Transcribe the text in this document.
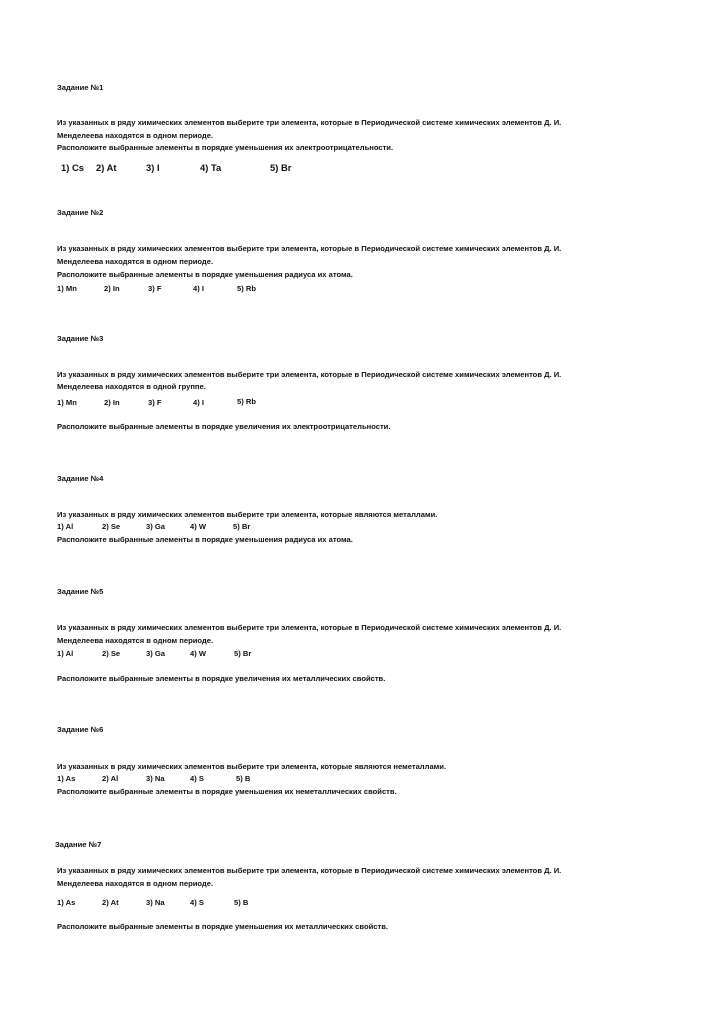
Задание №1
Из указанных в ряду химических элементов выберите три элемента, которые в Периодической системе химических элементов Д. И.
Менделеева находятся в одном периоде.
Расположите выбранные элементы в порядке уменьшения их электроотрицательности.
1) Cs 2) At	3) I	4) Ta	5) Br
Задание №2
Из указанных в ряду химических элементов выберите три элемента, которые в Периодической системе химических элементов Д. И.
Менделеева находятся в одном периоде.
Расположите выбранные элементы в порядке уменьшения радиуса их атома.
1) Mn	2) In	3) F	4) I	5) Rb
Задание №3
Из указанных в ряду химических элементов выберите три элемента, которые в Периодической системе химических элементов Д. И.
Менделеева находятся в одной группе.
1) Mn	2) In	3) F	4) I	5) Rb
Расположите выбранные элементы в порядке увеличения их электроотрицательности.
Задание №4
Из указанных в ряду химических элементов выберите три элемента, которые являются металлами.
1) Al	2) Se	3) Ga	4) W	5) Br
Расположите выбранные элементы в порядке уменьшения радиуса их атома.
Задание №5
Из указанных в ряду химических элементов выберите три элемента, которые в Периодической системе химических элементов Д. И.
Менделеева находятся в одном периоде.
1) Al	2) Se	3) Ga	4) W	5) Br
Расположите выбранные элементы в порядке увеличения их металлических свойств.
Задание №6
Из указанных в ряду химических элементов выберите три элемента, которые являются неметаллами.
1) As	2) Al	3) Na	4) S	5) B
Расположите выбранные элементы в порядке уменьшения их неметаллических свойств.
Задание №7
Из указанных в ряду химических элементов выберите три элемента, которые в Периодической системе химических элементов Д. И.
Менделеева находятся в одном периоде.
1) As	2) At	3) Na	4) S	5) B
Расположите выбранные элементы в порядке уменьшения их металлических свойств.
